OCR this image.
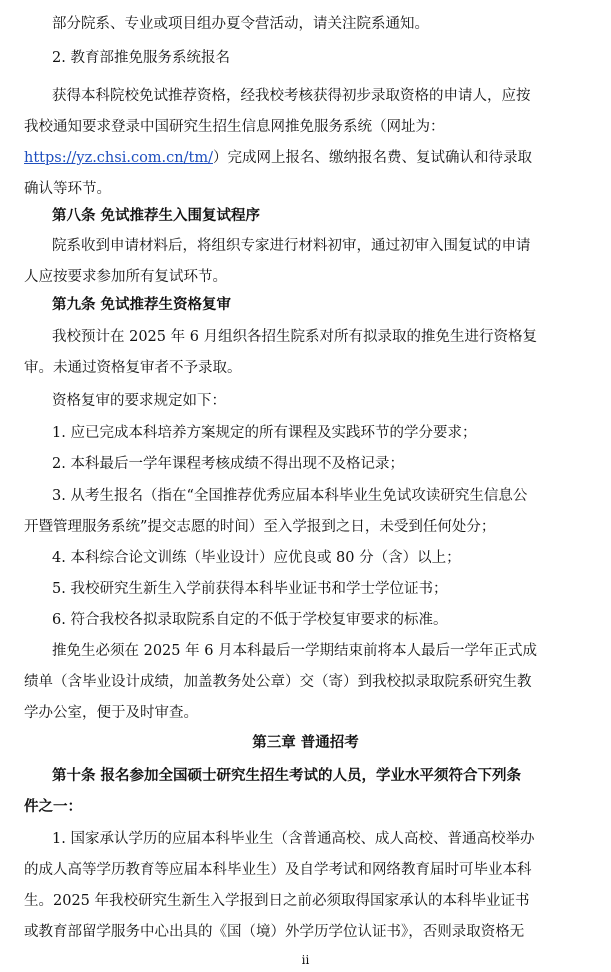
部分院系、专业或项目组办夏令营活动，请关注院系通知。
2. 教育部推免服务系统报名
获得本科院校免试推荐资格，经我校考核获得初步录取资格的申请人，应按
我校通知要求登录中国研究生招生信息网推免服务系统（网址为：
https://yz.chsi.com.cn/tm/）完成网上报名、缴纳报名费、复试确认和待录取
确认等环节。
第八条 免试推荐生入围复试程序
院系收到申请材料后，将组织专家进行材料初审，通过初审入围复试的申请
人应按要求参加所有复试环节。
第九条 免试推荐生资格复审
我校预计在 2025 年 6 月组织各招生院系对所有拟录取的推免生进行资格复
审。未通过资格复审者不予录取。
资格复审的要求规定如下：
1. 应已完成本科培养方案规定的所有课程及实践环节的学分要求；
2. 本科最后一学年课程考核成绩不得出现不及格记录；
3. 从考生报名（指在“全国推荐优秀应届本科毕业生免试攻读研究生信息公
开暨管理服务系统”提交志愿的时间）至入学报到之日，未受到任何处分；
4. 本科综合论文训练（毕业设计）应优良或 80 分（含）以上；
5. 我校研究生新生入学前获得本科毕业证书和学士学位证书；
6. 符合我校各拟录取院系自定的不低于学校复审要求的标准。
推免生必须在 2025 年 6 月本科最后一学期结束前将本人最后一学年正式成
绩单（含毕业设计成绩，加盖教务处公章）交（寄）到我校拟录取院系研究生教
学办公室，便于及时审查。
第三章 普通招考
第十条 报名参加全国硕士研究生招生考试的人员，学业水平须符合下列条
件之一：
1. 国家承认学历的应届本科毕业生（含普通高校、成人高校、普通高校举办
的成人高等学历教育等应届本科毕业生）及自学考试和网络教育届时可毕业本科
生。2025 年我校研究生新生入学报到日之前必须取得国家承认的本科毕业证书
或教育部留学服务中心出具的《国（境）外学历学位认证书》，否则录取资格无
ii
